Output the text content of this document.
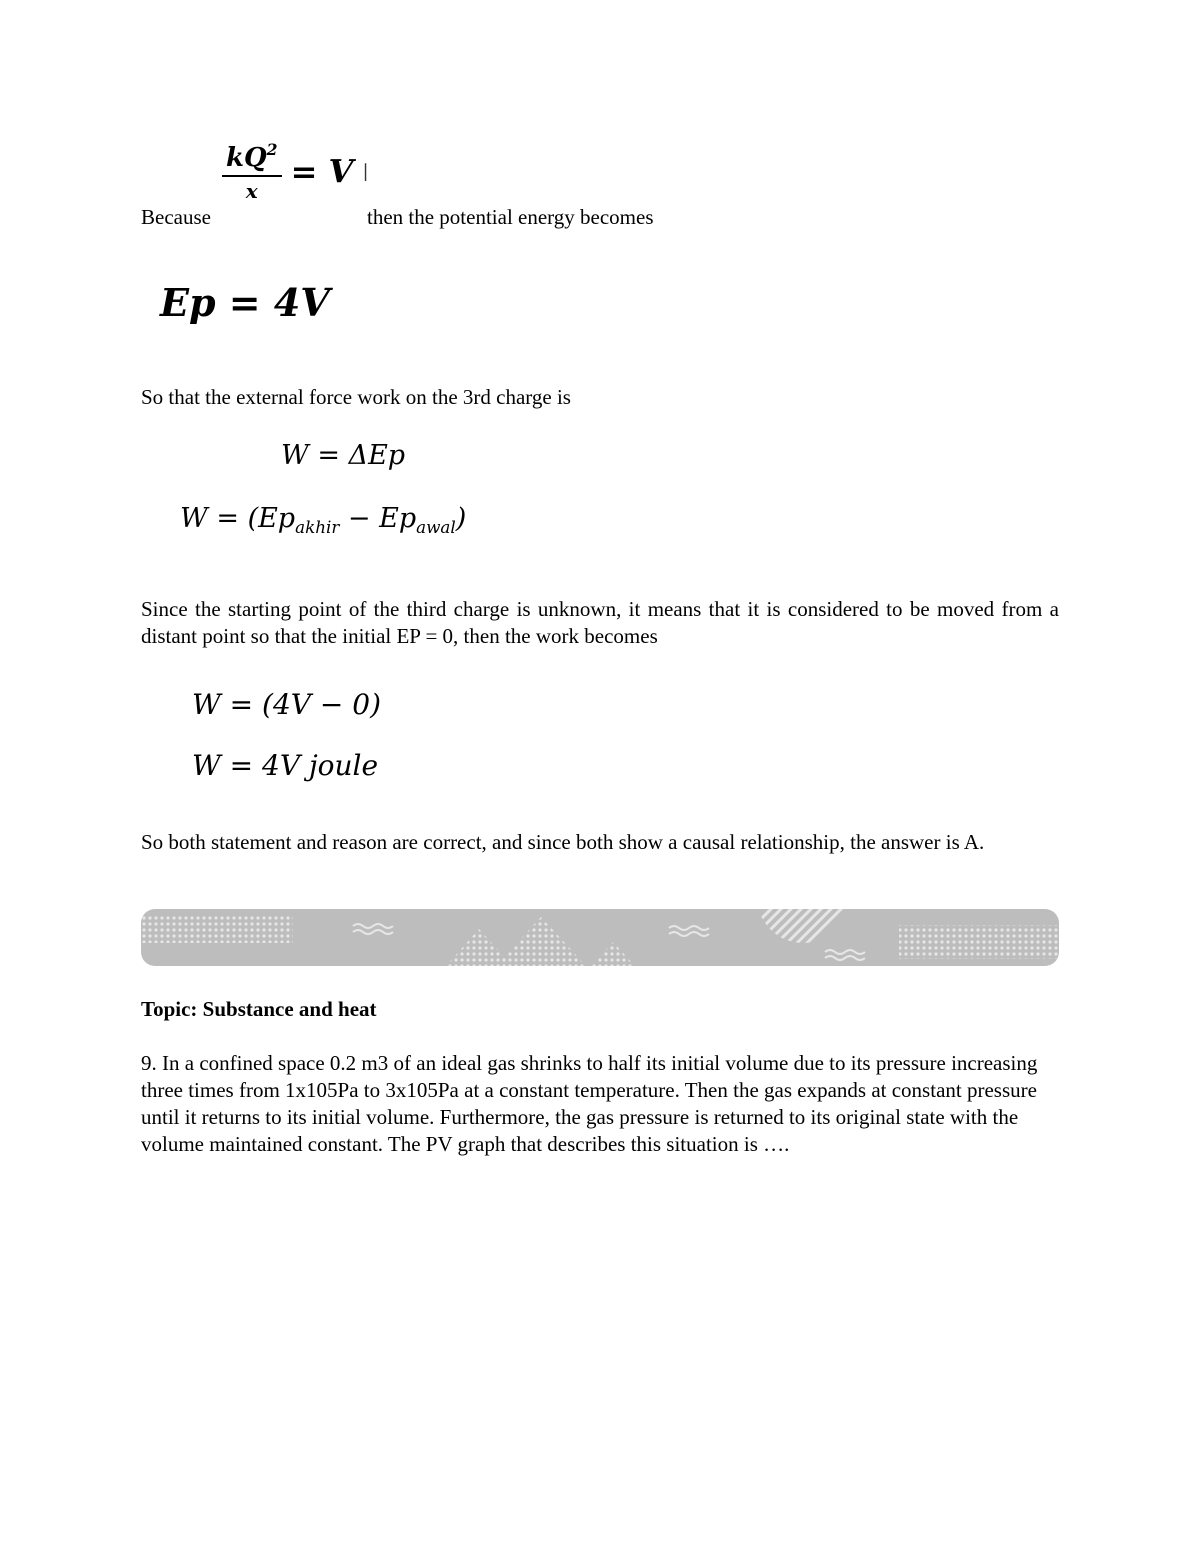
Because
$\frac{kQ^2}{x} = V$ |
then the potential energy becomes
Ep = 4V
So that the external force work on the 3rd charge is
W = ΔEp
$W = (Ep_{akhir} - Ep_{awal})$
Since the starting point of the third charge is unknown, it means that it is considered to be moved from a distant point so that the initial EP = 0, then the work becomes
W = (4V − 0)
W = 4V joule
So both statement and reason are correct, and since both show a causal relationship, the answer is A.
Topic: Substance and heat
9. In a confined space 0.2 m3 of an ideal gas shrinks to half its initial volume due to its pressure increasing three times from 1x105Pa to 3x105Pa at a constant temperature. Then the gas expands at constant pressure until it returns to its initial volume. Furthermore, the gas pressure is returned to its original state with the volume maintained constant. The PV graph that describes this situation is ….
